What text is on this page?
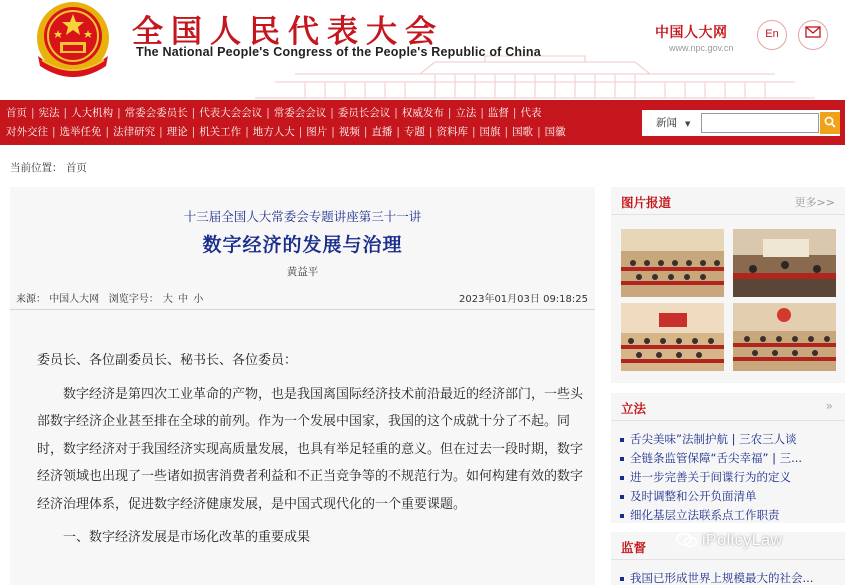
全国人民代表大会
The National People's Congress of the People's Republic of China
中国人大网
www.npc.gov.cn
En
首页 | 宪法 | 人大机构 | 常委会委员长 | 代表大会会议 | 常委会会议 | 委员长会议 | 权威发布 | 立法 | 监督 | 代表
对外交往 | 选举任免 | 法律研究 | 理论 | 机关工作 | 地方人大 | 图片 | 视频 | 直播 | 专题 | 资料库 | 国旗 | 国歌 | 国徽
新闻 ▼
当前位置： 首页
十三届全国人大常委会专题讲座第三十一讲
数字经济的发展与治理
黄益平
来源： 中国人大网 浏览字号： 大 中 小	2023年01月03日 09:18:25

委员长、各位副委员长、秘书长、各位委员：

数字经济是第四次工业革命的产物，也是我国离国际经济技术前沿最近的经济部门，一些头部数字经济企业甚至排在全球的前列。作为一个发展中国家，我国的这个成就十分了不起。同时，数字经济对于我国经济实现高质量发展，也具有举足轻重的意义。但在过去一段时期，数字经济领域也出现了一些诸如损害消费者利益和不正当竞争等的不规范行为。如何构建有效的数字经济治理体系，促进数字经济健康发展，是中国式现代化的一个重要课题。

一、数字经济发展是市场化改革的重要成果

图片报道	更多>>
立法	»
舌尖美味”法制护航 | 三农三人谈
全链条监管保障“舌尖幸福” | 三...
进一步完善关于间谍行为的定义
及时调整和公开负面清单
细化基层立法联系点工作职责
监督
我国已形成世界上规模最大的社会...
iPolicyLaw
